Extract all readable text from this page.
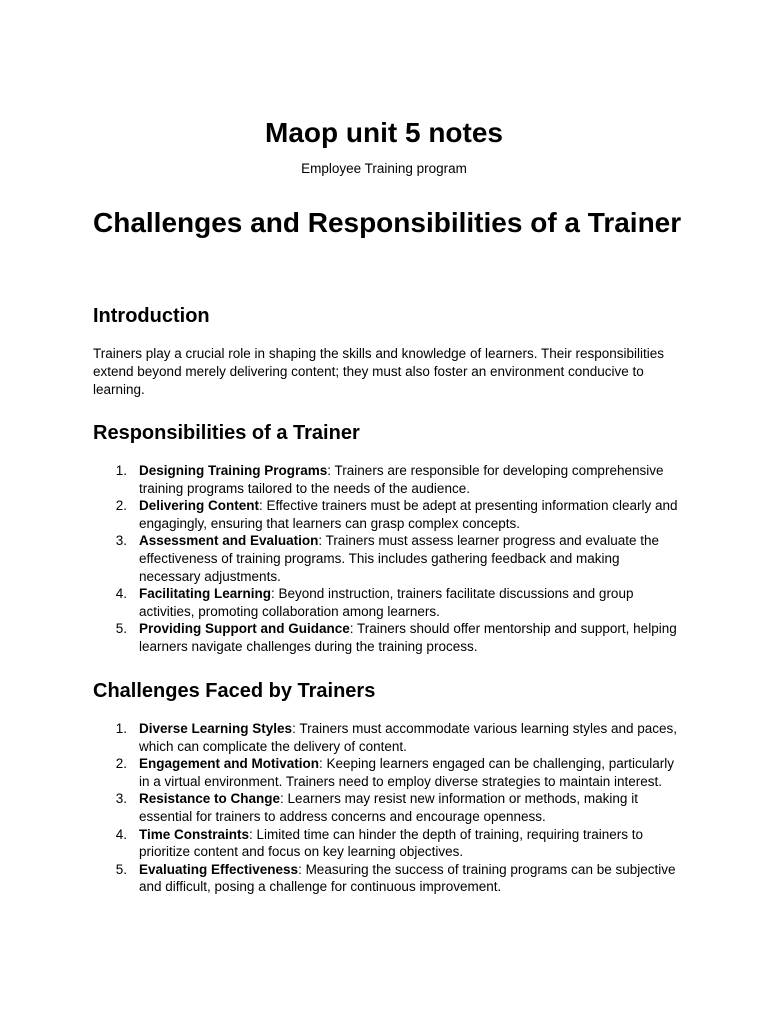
Maop unit 5 notes

Employee Training program

Challenges and Responsibilities of a Trainer
Introduction

Trainers play a crucial role in shaping the skills and knowledge of learners. Their responsibilities extend beyond merely delivering content; they must also foster an environment conducive to learning.

Responsibilities of a Trainer
1. Designing Training Programs: Trainers are responsible for developing comprehensive training programs tailored to the needs of the audience.
2. Delivering Content: Effective trainers must be adept at presenting information clearly and engagingly, ensuring that learners can grasp complex concepts.
3. Assessment and Evaluation: Trainers must assess learner progress and evaluate the effectiveness of training programs. This includes gathering feedback and making necessary adjustments.
4. Facilitating Learning: Beyond instruction, trainers facilitate discussions and group activities, promoting collaboration among learners.
5. Providing Support and Guidance: Trainers should offer mentorship and support, helping learners navigate challenges during the training process.
Challenges Faced by Trainers
1. Diverse Learning Styles: Trainers must accommodate various learning styles and paces, which can complicate the delivery of content.
2. Engagement and Motivation: Keeping learners engaged can be challenging, particularly in a virtual environment. Trainers need to employ diverse strategies to maintain interest.
3. Resistance to Change: Learners may resist new information or methods, making it essential for trainers to address concerns and encourage openness.
4. Time Constraints: Limited time can hinder the depth of training, requiring trainers to prioritize content and focus on key learning objectives.
5. Evaluating Effectiveness: Measuring the success of training programs can be subjective and difficult, posing a challenge for continuous improvement.
